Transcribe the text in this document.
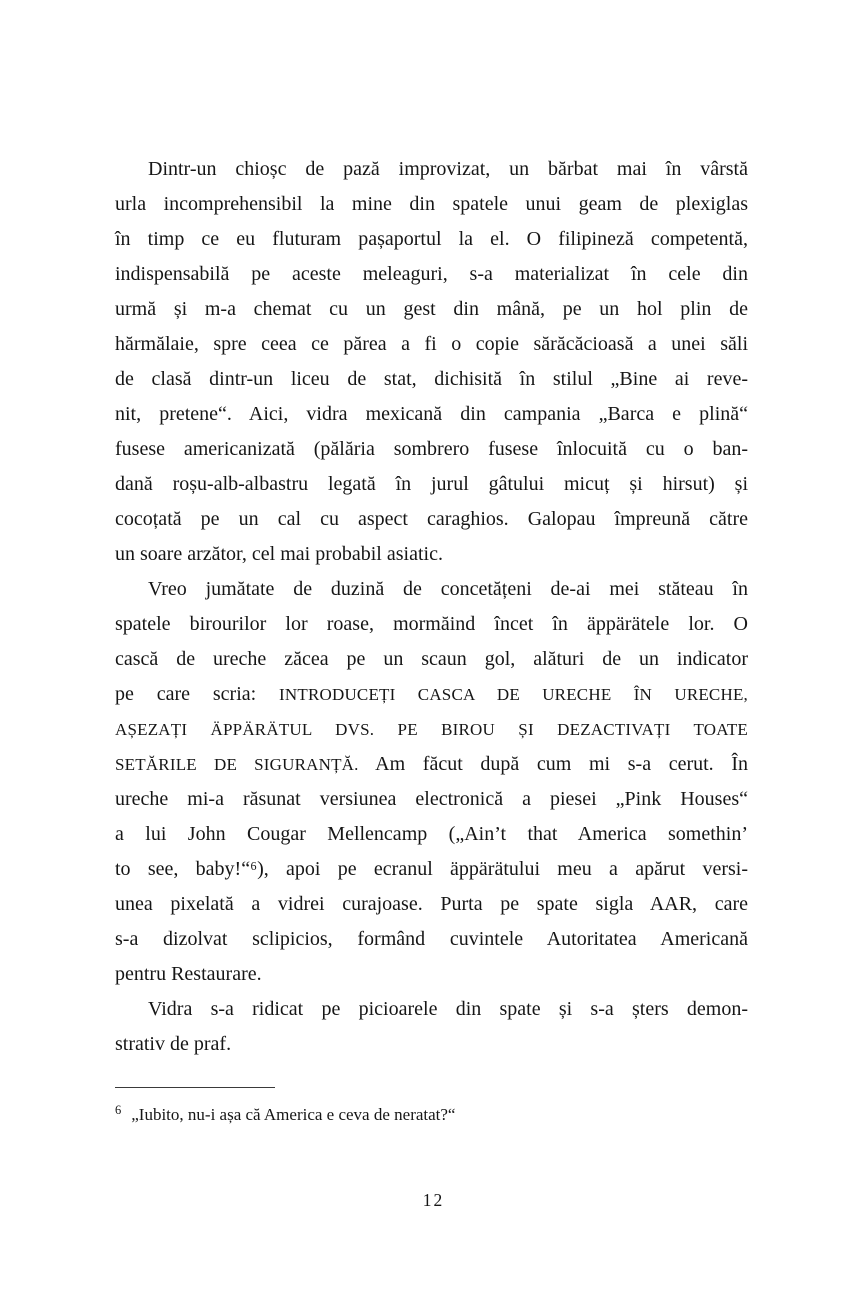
Dintr-un chioșc de pază improvizat, un bărbat mai în vârstă
urla incomprehensibil la mine din spatele unui geam de plexiglas
în timp ce eu fluturam pașaportul la el. O filipineză competentă,
indispensabilă pe aceste meleaguri, s-a materializat în cele din
urmă și m-a chemat cu un gest din mână, pe un hol plin de
hărmălaie, spre ceea ce părea a fi o copie sărăcăcioasă a unei săli
de clasă dintr-un liceu de stat, dichisită în stilul „Bine ai reve-
nit, pretene“. Aici, vidra mexicană din campania „Barca e plină“
fusese americanizată (pălăria sombrero fusese înlocuită cu o ban-
dană roșu-alb-albastru legată în jurul gâtului micuț și hirsut) și
cocoțată pe un cal cu aspect caraghios. Galopau împreună către
un soare arzător, cel mai probabil asiatic.
Vreo jumătate de duzină de concetățeni de-ai mei stăteau în
spatele birourilor lor roase, mormăind încet în äppärätele lor. O
cască de ureche zăcea pe un scaun gol, alături de un indicator
pe care scria: INTRODUCEȚI CASCA DE URECHE ÎN URECHE,
AȘEZAȚI ÄPPÄRÄTUL DVS. PE BIROU ȘI DEZACTIVAȚI TOATE
SETĂRILE DE SIGURANȚĂ. Am făcut după cum mi s-a cerut. În
ureche mi-a răsunat versiunea electronică a piesei „Pink Houses“
a lui John Cougar Mellencamp („Ain’t that America somethin’
to see, baby!“⁶), apoi pe ecranul äppärätului meu a apărut versi-
unea pixelată a vidrei curajoase. Purta pe spate sigla AAR, care
s-a dizolvat sclipicios, formând cuvintele Autoritatea Americană
pentru Restaurare.
Vidra s-a ridicat pe picioarele din spate și s-a șters demon-
strativ de praf.
$^6$ „Iubito, nu-i așa că America e ceva de neratat?“
12
